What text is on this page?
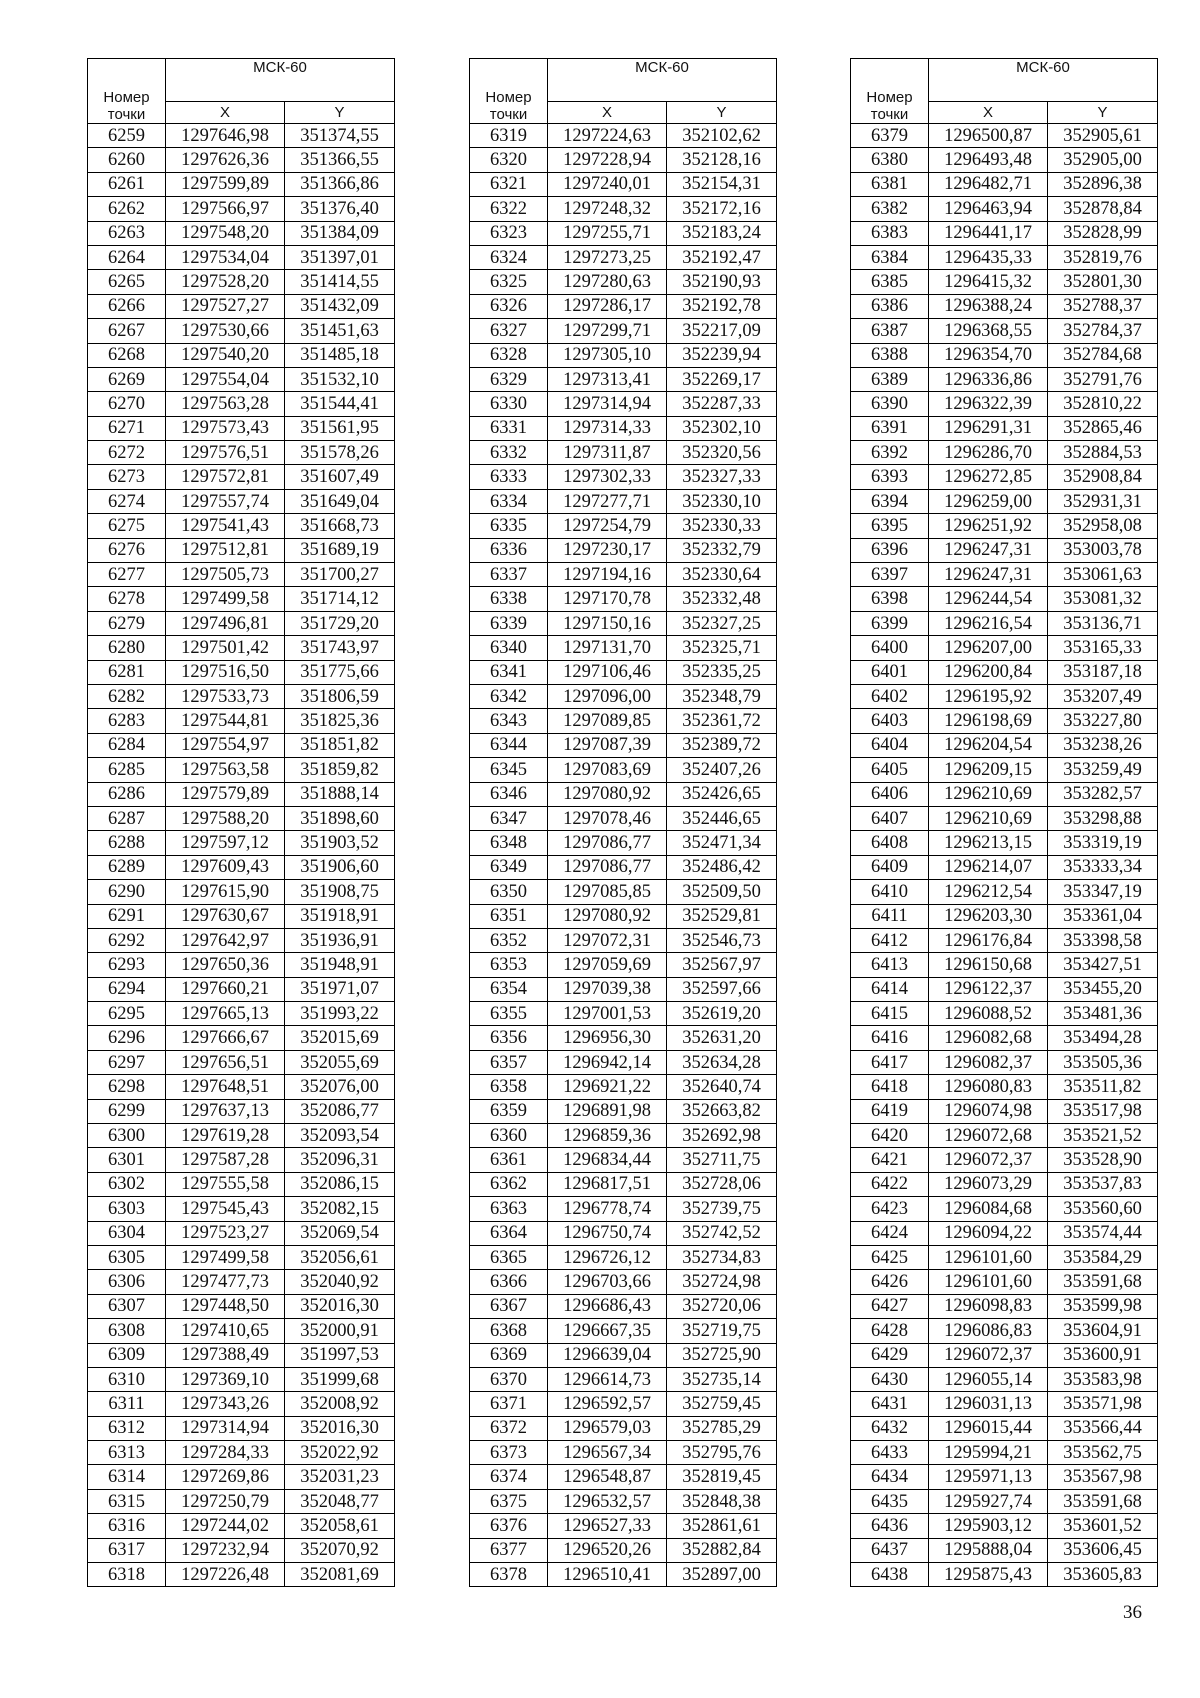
Номер точки	МСК-60	
	X	Y
6259	1297646,98	351374,55
6260	1297626,36	351366,55
6261	1297599,89	351366,86
6262	1297566,97	351376,40
6263	1297548,20	351384,09
6264	1297534,04	351397,01
6265	1297528,20	351414,55
6266	1297527,27	351432,09
6267	1297530,66	351451,63
6268	1297540,20	351485,18
6269	1297554,04	351532,10
6270	1297563,28	351544,41
6271	1297573,43	351561,95
6272	1297576,51	351578,26
6273	1297572,81	351607,49
6274	1297557,74	351649,04
6275	1297541,43	351668,73
6276	1297512,81	351689,19
6277	1297505,73	351700,27
6278	1297499,58	351714,12
6279	1297496,81	351729,20
6280	1297501,42	351743,97
6281	1297516,50	351775,66
6282	1297533,73	351806,59
6283	1297544,81	351825,36
6284	1297554,97	351851,82
6285	1297563,58	351859,82
6286	1297579,89	351888,14
6287	1297588,20	351898,60
6288	1297597,12	351903,52
6289	1297609,43	351906,60
6290	1297615,90	351908,75
6291	1297630,67	351918,91
6292	1297642,97	351936,91
6293	1297650,36	351948,91
6294	1297660,21	351971,07
6295	1297665,13	351993,22
6296	1297666,67	352015,69
6297	1297656,51	352055,69
6298	1297648,51	352076,00
6299	1297637,13	352086,77
6300	1297619,28	352093,54
6301	1297587,28	352096,31
6302	1297555,58	352086,15
6303	1297545,43	352082,15
6304	1297523,27	352069,54
6305	1297499,58	352056,61
6306	1297477,73	352040,92
6307	1297448,50	352016,30
6308	1297410,65	352000,91
6309	1297388,49	351997,53
6310	1297369,10	351999,68
6311	1297343,26	352008,92
6312	1297314,94	352016,30
6313	1297284,33	352022,92
6314	1297269,86	352031,23
6315	1297250,79	352048,77
6316	1297244,02	352058,61
6317	1297232,94	352070,92
6318	1297226,48	352081,69
Номер точки	МСК-60	
	X	Y
6319	1297224,63	352102,62
6320	1297228,94	352128,16
6321	1297240,01	352154,31
6322	1297248,32	352172,16
6323	1297255,71	352183,24
6324	1297273,25	352192,47
6325	1297280,63	352190,93
6326	1297286,17	352192,78
6327	1297299,71	352217,09
6328	1297305,10	352239,94
6329	1297313,41	352269,17
6330	1297314,94	352287,33
6331	1297314,33	352302,10
6332	1297311,87	352320,56
6333	1297302,33	352327,33
6334	1297277,71	352330,10
6335	1297254,79	352330,33
6336	1297230,17	352332,79
6337	1297194,16	352330,64
6338	1297170,78	352332,48
6339	1297150,16	352327,25
6340	1297131,70	352325,71
6341	1297106,46	352335,25
6342	1297096,00	352348,79
6343	1297089,85	352361,72
6344	1297087,39	352389,72
6345	1297083,69	352407,26
6346	1297080,92	352426,65
6347	1297078,46	352446,65
6348	1297086,77	352471,34
6349	1297086,77	352486,42
6350	1297085,85	352509,50
6351	1297080,92	352529,81
6352	1297072,31	352546,73
6353	1297059,69	352567,97
6354	1297039,38	352597,66
6355	1297001,53	352619,20
6356	1296956,30	352631,20
6357	1296942,14	352634,28
6358	1296921,22	352640,74
6359	1296891,98	352663,82
6360	1296859,36	352692,98
6361	1296834,44	352711,75
6362	1296817,51	352728,06
6363	1296778,74	352739,75
6364	1296750,74	352742,52
6365	1296726,12	352734,83
6366	1296703,66	352724,98
6367	1296686,43	352720,06
6368	1296667,35	352719,75
6369	1296639,04	352725,90
6370	1296614,73	352735,14
6371	1296592,57	352759,45
6372	1296579,03	352785,29
6373	1296567,34	352795,76
6374	1296548,87	352819,45
6375	1296532,57	352848,38
6376	1296527,33	352861,61
6377	1296520,26	352882,84
6378	1296510,41	352897,00
Номер точки	МСК-60	
	X	Y
6379	1296500,87	352905,61
6380	1296493,48	352905,00
6381	1296482,71	352896,38
6382	1296463,94	352878,84
6383	1296441,17	352828,99
6384	1296435,33	352819,76
6385	1296415,32	352801,30
6386	1296388,24	352788,37
6387	1296368,55	352784,37
6388	1296354,70	352784,68
6389	1296336,86	352791,76
6390	1296322,39	352810,22
6391	1296291,31	352865,46
6392	1296286,70	352884,53
6393	1296272,85	352908,84
6394	1296259,00	352931,31
6395	1296251,92	352958,08
6396	1296247,31	353003,78
6397	1296247,31	353061,63
6398	1296244,54	353081,32
6399	1296216,54	353136,71
6400	1296207,00	353165,33
6401	1296200,84	353187,18
6402	1296195,92	353207,49
6403	1296198,69	353227,80
6404	1296204,54	353238,26
6405	1296209,15	353259,49
6406	1296210,69	353282,57
6407	1296210,69	353298,88
6408	1296213,15	353319,19
6409	1296214,07	353333,34
6410	1296212,54	353347,19
6411	1296203,30	353361,04
6412	1296176,84	353398,58
6413	1296150,68	353427,51
6414	1296122,37	353455,20
6415	1296088,52	353481,36
6416	1296082,68	353494,28
6417	1296082,37	353505,36
6418	1296080,83	353511,82
6419	1296074,98	353517,98
6420	1296072,68	353521,52
6421	1296072,37	353528,90
6422	1296073,29	353537,83
6423	1296084,68	353560,60
6424	1296094,22	353574,44
6425	1296101,60	353584,29
6426	1296101,60	353591,68
6427	1296098,83	353599,98
6428	1296086,83	353604,91
6429	1296072,37	353600,91
6430	1296055,14	353583,98
6431	1296031,13	353571,98
6432	1296015,44	353566,44
6433	1295994,21	353562,75
6434	1295971,13	353567,98
6435	1295927,74	353591,68
6436	1295903,12	353601,52
6437	1295888,04	353606,45
6438	1295875,43	353605,83
36
